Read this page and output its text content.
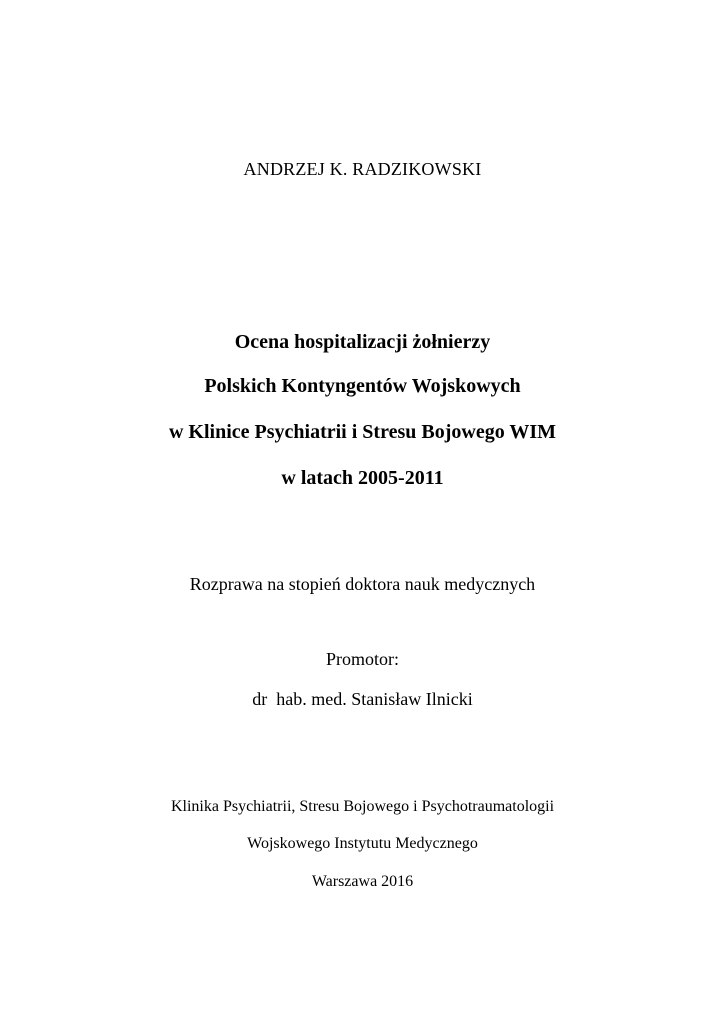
ANDRZEJ K. RADZIKOWSKI

Ocena hospitalizacji żołnierzy

Polskich Kontyngentów Wojskowych

w Klinice Psychiatrii i Stresu Bojowego WIM

w latach 2005-2011

Rozprawa na stopień doktora nauk medycznych

Promotor:

dr  hab. med. Stanisław Ilnicki

Klinika Psychiatrii, Stresu Bojowego i Psychotraumatologii

Wojskowego Instytutu Medycznego

Warszawa 2016
